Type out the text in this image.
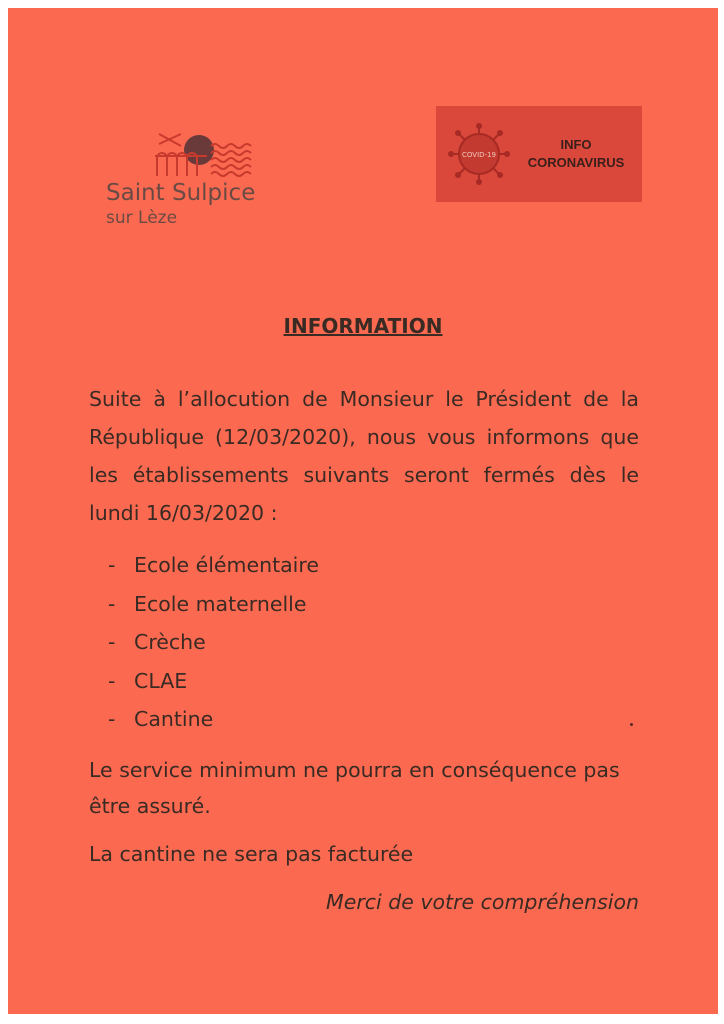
Saint Sulpice
sur Lèze
COVID-19
INFO
CORONAVIRUS
INFORMATION

Suite à l’allocution de Monsieur le Président de la République (12/03/2020), nous vous informons que les établissements suivants seront fermés dès le lundi 16/03/2020 :

- Ecole élémentaire
- Ecole maternelle
- Crèche
- CLAE
- Cantine

Le service minimum ne pourra en conséquence pas être assuré.

La cantine ne sera pas facturée

Merci de votre compréhension
